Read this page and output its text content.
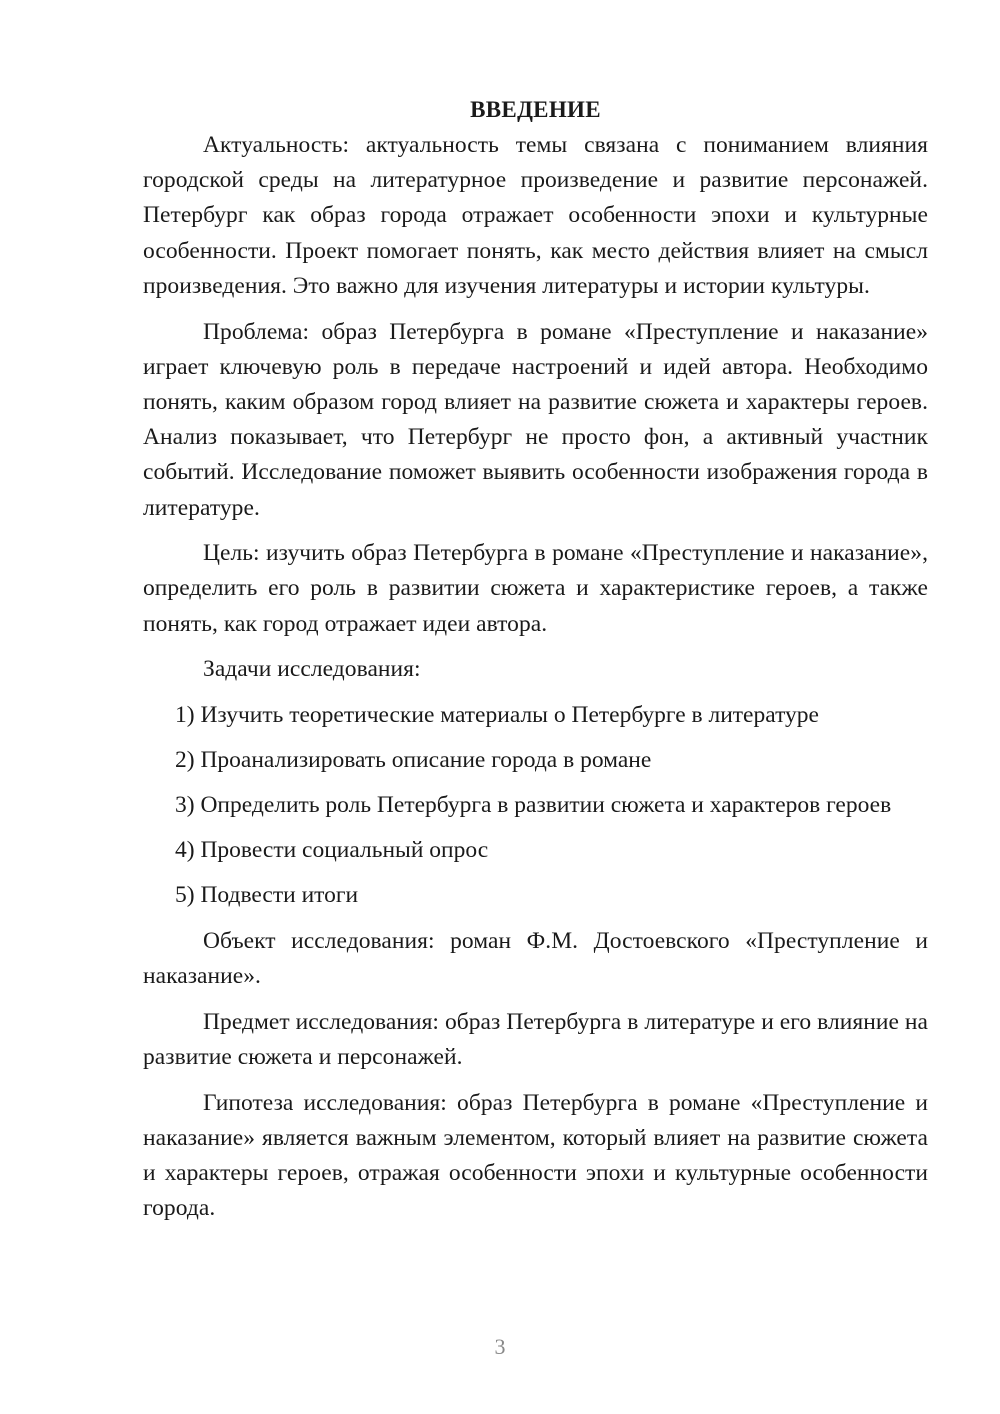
ВВЕДЕНИЕ

Актуальность: актуальность темы связана с пониманием влияния городской среды на литературное произведение и развитие персонажей. Петербург как образ города отражает особенности эпохи и культурные особенности. Проект помогает понять, как место действия влияет на смысл произведения. Это важно для изучения литературы и истории культуры.

Проблема: образ Петербурга в романе «Преступление и наказание» играет ключевую роль в передаче настроений и идей автора. Необходимо понять, каким образом город влияет на развитие сюжета и характеры героев. Анализ показывает, что Петербург не просто фон, а активный участник событий. Исследование поможет выявить особенности изображения города в литературе.

Цель: изучить образ Петербурга в романе «Преступление и наказание», определить его роль в развитии сюжета и характеристике героев, а также понять, как город отражает идеи автора.

Задачи исследования:

1) Изучить теоретические материалы о Петербурге в литературе

2) Проанализировать описание города в романе

3) Определить роль Петербурга в развитии сюжета и характеров героев

4) Провести социальный опрос

5) Подвести итоги

Объект исследования: роман Ф.М. Достоевского «Преступление и наказание».

Предмет исследования: образ Петербурга в литературе и его влияние на развитие сюжета и персонажей.

Гипотеза исследования: образ Петербурга в романе «Преступление и наказание» является важным элементом, который влияет на развитие сюжета и характеры героев, отражая особенности эпохи и культурные особенности города.

3
